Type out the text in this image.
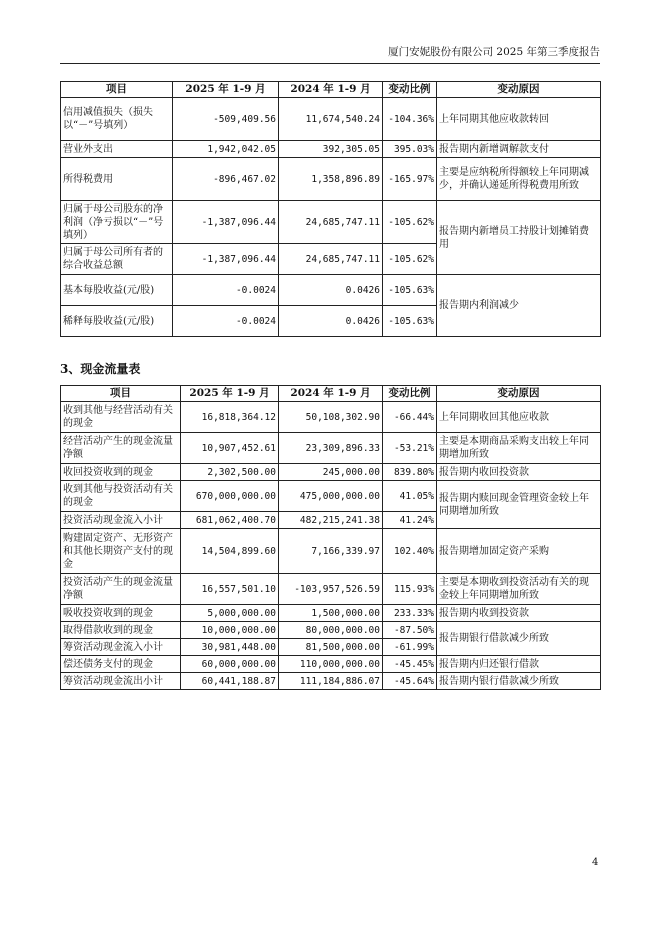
厦门安妮股份有限公司 2025 年第三季度报告
项目	2025 年 1-9 月	2024 年 1-9 月	变动比例	变动原因
信用减值损失（损失以“－”号填列）	-509,409.56	11,674,540.24	-104.36%	上年同期其他应收款转回
营业外支出	1,942,042.05	392,305.05	395.03%	报告期内新增调解款支付
所得税费用	-896,467.02	1,358,896.89	-165.97%	主要是应纳税所得额较上年同期减少，并确认递延所得税费用所致
归属于母公司股东的净利润（净亏损以“－”号填列）	-1,387,096.44	24,685,747.11	-105.62%	报告期内新增员工持股计划摊销费用
归属于母公司所有者的综合收益总额	-1,387,096.44	24,685,747.11	-105.62%	
基本每股收益(元/股)	-0.0024	0.0426	-105.63%	报告期内利润减少
稀释每股收益(元/股)	-0.0024	0.0426	-105.63%	
3、现金流量表
项目	2025 年 1-9 月	2024 年 1-9 月	变动比例	变动原因
收到其他与经营活动有关的现金	16,818,364.12	50,108,302.90	-66.44%	上年同期收回其他应收款
经营活动产生的现金流量净额	10,907,452.61	23,309,896.33	-53.21%	主要是本期商品采购支出较上年同期增加所致
收回投资收到的现金	2,302,500.00	245,000.00	839.80%	报告期内收回投资款
收到其他与投资活动有关的现金	670,000,000.00	475,000,000.00	41.05%	报告期内赎回现金管理资金较上年同期增加所致
投资活动现金流入小计	681,062,400.70	482,215,241.38	41.24%	
购建固定资产、无形资产和其他长期资产支付的现金	14,504,899.60	7,166,339.97	102.40%	报告期增加固定资产采购
投资活动产生的现金流量净额	16,557,501.10	-103,957,526.59	115.93%	主要是本期收到投资活动有关的现金较上年同期增加所致
吸收投资收到的现金	5,000,000.00	1,500,000.00	233.33%	报告期内收到投资款
取得借款收到的现金	10,000,000.00	80,000,000.00	-87.50%	报告期银行借款减少所致
筹资活动现金流入小计	30,981,448.00	81,500,000.00	-61.99%	
偿还债务支付的现金	60,000,000.00	110,000,000.00	-45.45%	报告期内归还银行借款
筹资活动现金流出小计	60,441,188.87	111,184,886.07	-45.64%	报告期内银行借款减少所致
4
